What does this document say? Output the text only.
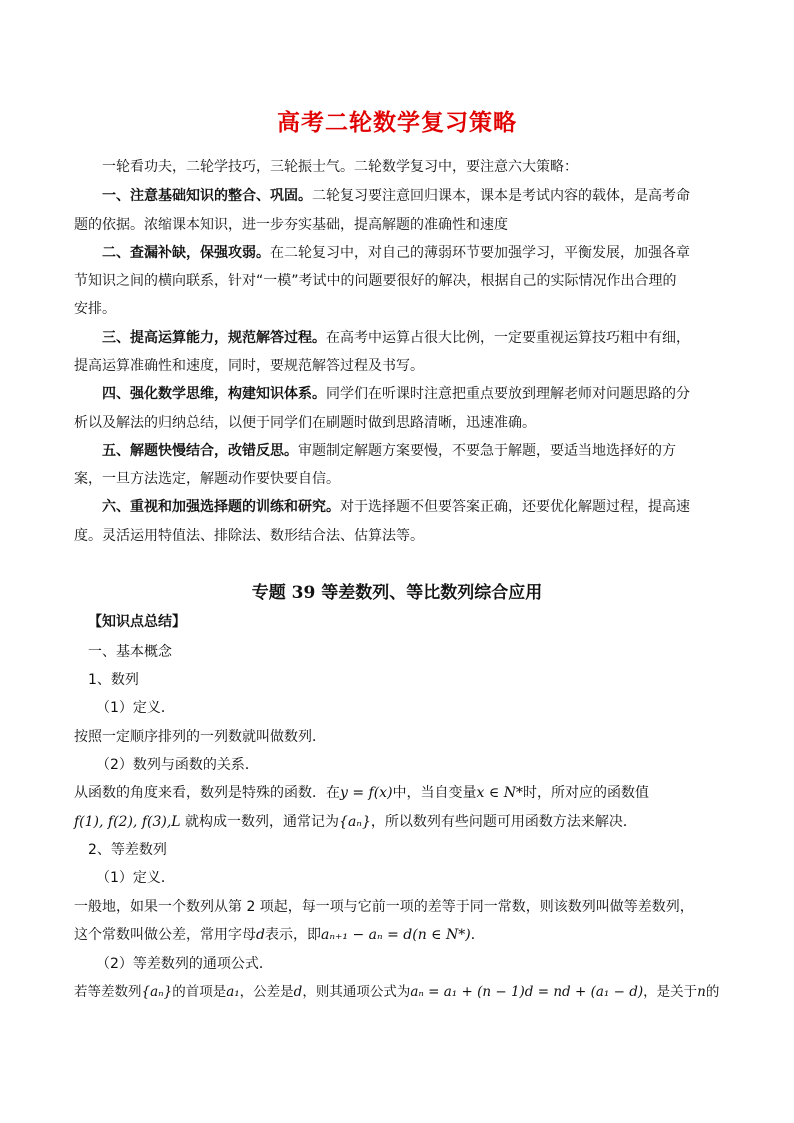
高考二轮数学复习策略
一轮看功夫，二轮学技巧，三轮振士气。二轮数学复习中，要注意六大策略：
一、注意基础知识的整合、巩固。二轮复习要注意回归课本，课本是考试内容的载体，是高考命
题的依据。浓缩课本知识，进一步夯实基础，提高解题的准确性和速度
二、查漏补缺，保强攻弱。在二轮复习中，对自己的薄弱环节要加强学习，平衡发展，加强各章
节知识之间的横向联系，针对“一模”考试中的问题要很好的解决，根据自己的实际情况作出合理的
安排。
三、提高运算能力，规范解答过程。在高考中运算占很大比例，一定要重视运算技巧粗中有细，
提高运算准确性和速度，同时，要规范解答过程及书写。
四、强化数学思维，构建知识体系。同学们在听课时注意把重点要放到理解老师对问题思路的分
析以及解法的归纳总结，以便于同学们在刷题时做到思路清晰，迅速准确。
五、解题快慢结合，改错反思。审题制定解题方案要慢，不要急于解题，要适当地选择好的方
案，一旦方法选定，解题动作要快要自信。
六、重视和加强选择题的训练和研究。对于选择题不但要答案正确，还要优化解题过程，提高速
度。灵活运用特值法、排除法、数形结合法、估算法等。
专题 39 等差数列、等比数列综合应用
【知识点总结】
一、基本概念
1、数列
（1）定义．
按照一定顺序排列的一列数就叫做数列．
（2）数列与函数的关系．
从函数的角度来看，数列是特殊的函数．在y = f(x)中，当自变量x ∈ N*时，所对应的函数值
f(1), f(2), f(3),L 就构成一数列，通常记为{aₙ}，所以数列有些问题可用函数方法来解决．
2、等差数列
（1）定义．
一般地，如果一个数列从第 2 项起，每一项与它前一项的差等于同一常数，则该数列叫做等差数列，
这个常数叫做公差，常用字母d表示，即aₙ₊₁ − aₙ = d(n ∈ N*)．
（2）等差数列的通项公式．
若等差数列{aₙ}的首项是a₁，公差是d，则其通项公式为aₙ = a₁ + (n − 1)d = nd + (a₁ − d)，是关于n的
